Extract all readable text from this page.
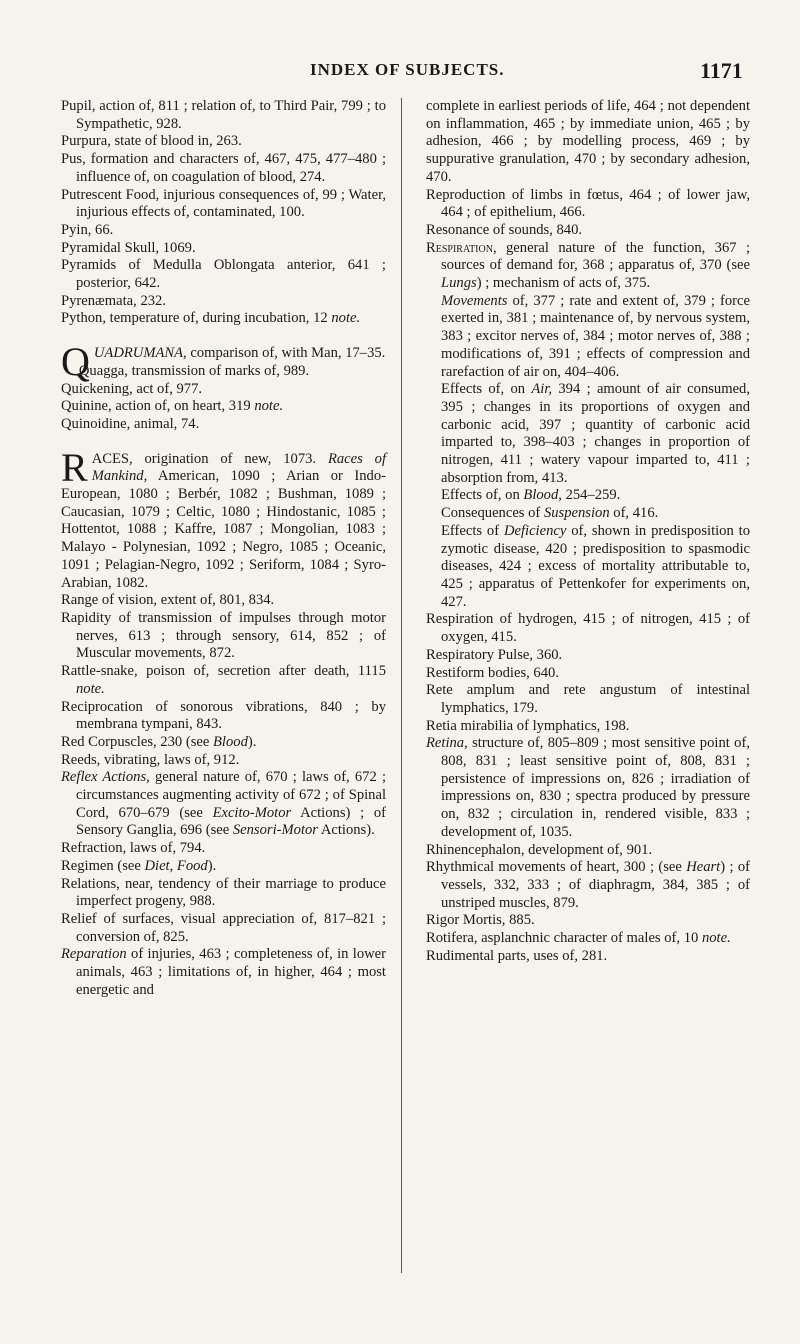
INDEX OF SUBJECTS.	1171

Pupil, action of, 811 ; relation of, to Third Pair, 799 ; to Sympathetic, 928.

Purpura, state of blood in, 263.

Pus, formation and characters of, 467, 475, 477–480 ; influence of, on coagulation of blood, 274.

Putrescent Food, injurious consequences of, 99 ; Water, injurious effects of, contaminated, 100.

Pyin, 66.

Pyramidal Skull, 1069.

Pyramids of Medulla Oblongata anterior, 641 ; posterior, 642.

Pyrenæmata, 232.

Python, temperature of, during incubation, 12 note.

QUADRUMANA, comparison of, with Man, 17–35.

Quagga, transmission of marks of, 989.

Quickening, act of, 977.

Quinine, action of, on heart, 319 note.

Quinoidine, animal, 74.

RACES, origination of new, 1073. Races of Mankind, American, 1090 ; Arian or Indo-European, 1080 ; Berbér, 1082 ; Bushman, 1089 ; Caucasian, 1079 ; Celtic, 1080 ; Hindostanic, 1085 ; Hottentot, 1088 ; Kaffre, 1087 ; Mongolian, 1083 ; Malayo - Polynesian, 1092 ; Negro, 1085 ; Oceanic, 1091 ; Pelagian-Negro, 1092 ; Seriform, 1084 ; Syro-Arabian, 1082.

Range of vision, extent of, 801, 834.

Rapidity of transmission of impulses through motor nerves, 613 ; through sensory, 614, 852 ; of Muscular movements, 872.

Rattle-snake, poison of, secretion after death, 1115 note.

Reciprocation of sonorous vibrations, 840 ; by membrana tympani, 843.

Red Corpuscles, 230 (see Blood).

Reeds, vibrating, laws of, 912.

Reflex Actions, general nature of, 670 ; laws of, 672 ; circumstances augmenting activity of 672 ; of Spinal Cord, 670–679 (see Excito-Motor Actions) ; of Sensory Ganglia, 696 (see Sensori-Motor Actions).

Refraction, laws of, 794.

Regimen (see Diet, Food).

Relations, near, tendency of their marriage to produce imperfect progeny, 988.

Relief of surfaces, visual appreciation of, 817–821 ; conversion of, 825.

Reparation of injuries, 463 ; completeness of, in lower animals, 463 ; limitations of, in higher, 464 ; most energetic and

complete in earliest periods of life, 464 ; not dependent on inflammation, 465 ; by immediate union, 465 ; by adhesion, 466 ; by modelling process, 469 ; by suppurative granulation, 470 ; by secondary adhesion, 470.

Reproduction of limbs in fœtus, 464 ; of lower jaw, 464 ; of epithelium, 466.

Resonance of sounds, 840.

Respiration, general nature of the function, 367 ; sources of demand for, 368 ; apparatus of, 370 (see Lungs) ; mechanism of acts of, 375.

Movements of, 377 ; rate and extent of, 379 ; force exerted in, 381 ; maintenance of, by nervous system, 383 ; excitor nerves of, 384 ; motor nerves of, 388 ; modifications of, 391 ; effects of compression and rarefaction of air on, 404–406.

Effects of, on Air, 394 ; amount of air consumed, 395 ; changes in its proportions of oxygen and carbonic acid, 397 ; quantity of carbonic acid imparted to, 398–403 ; changes in proportion of nitrogen, 411 ; watery vapour imparted to, 411 ; absorption from, 413.

Effects of, on Blood, 254–259.

Consequences of Suspension of, 416.

Effects of Deficiency of, shown in predisposition to zymotic disease, 420 ; predisposition to spasmodic diseases, 424 ; excess of mortality attributable to, 425 ; apparatus of Pettenkofer for experiments on, 427.

Respiration of hydrogen, 415 ; of nitrogen, 415 ; of oxygen, 415.

Respiratory Pulse, 360.

Restiform bodies, 640.

Rete amplum and rete angustum of intestinal lymphatics, 179.

Retia mirabilia of lymphatics, 198.

Retina, structure of, 805–809 ; most sensitive point of, 808, 831 ; least sensitive point of, 808, 831 ; persistence of impressions on, 826 ; irradiation of impressions on, 830 ; spectra produced by pressure on, 832 ; circulation in, rendered visible, 833 ; development of, 1035.

Rhinencephalon, development of, 901.

Rhythmical movements of heart, 300 ; (see Heart) ; of vessels, 332, 333 ; of diaphragm, 384, 385 ; of unstriped muscles, 879.

Rigor Mortis, 885.

Rotifera, asplanchnic character of males of, 10 note.

Rudimental parts, uses of, 281.
